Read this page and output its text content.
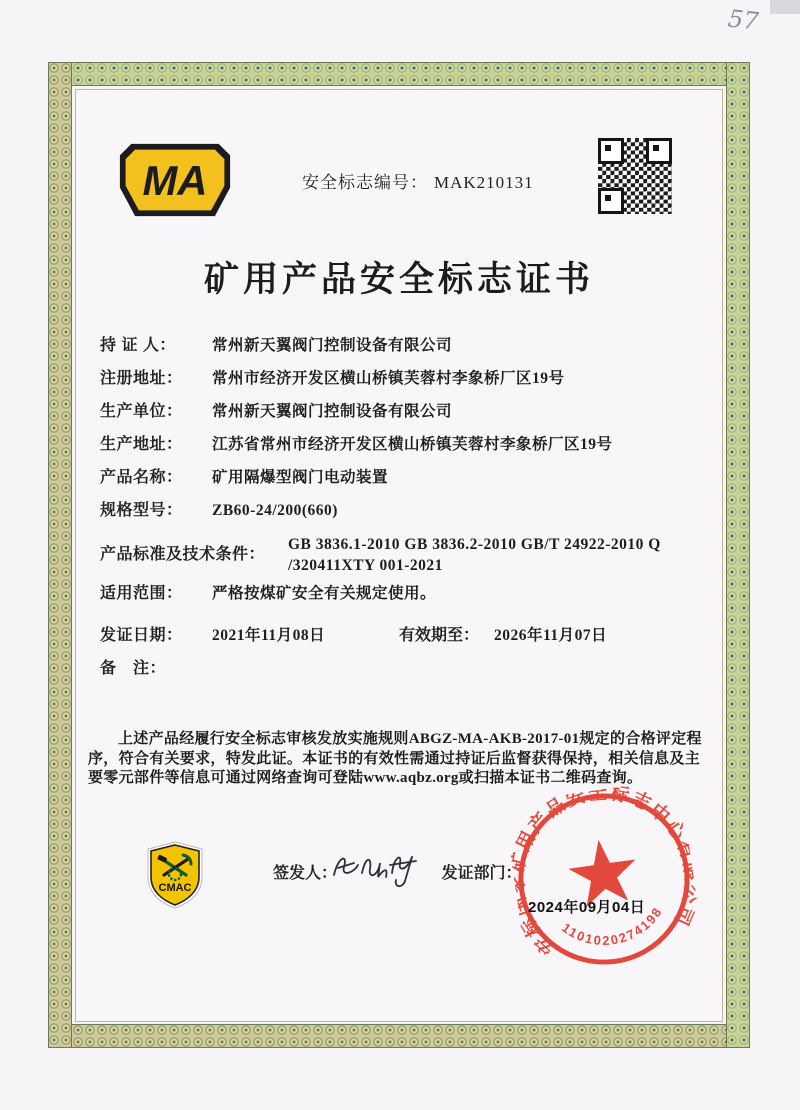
57
MA	安全标志编号： MAK210131
矿用产品安全标志证书
持 证 人：	常州新天翼阀门控制设备有限公司
注册地址：	常州市经济开发区横山桥镇芙蓉村李象桥厂区19号
生产单位：	常州新天翼阀门控制设备有限公司
生产地址：	江苏省常州市经济开发区横山桥镇芙蓉村李象桥厂区19号
产品名称：	矿用隔爆型阀门电动装置
规格型号：	ZB60-24/200(660)
产品标准及技术条件：
GB 3836.1-2010 GB 3836.2-2010 GB/T 24922-2010 Q /320411XTY 001-2021
适用范围：	严格按煤矿安全有关规定使用。
发证日期：	2021年11月08日	有效期至： 2026年11月07日
备　注：
上述产品经履行安全标志审核发放实施规则ABGZ-MA-AKB-2017-01规定的合格评定程序，符合有关要求，特发此证。本证书的有效性需通过持证后监督获得保持，相关信息及主要零元部件等信息可通过网络查询可登陆www.aqbz.org或扫描本证书二维码查询。
CMAC
签发人：	发证部门：
安标国家矿用产品安全标志中心有限公司
1101020274198
2024年09月04日
